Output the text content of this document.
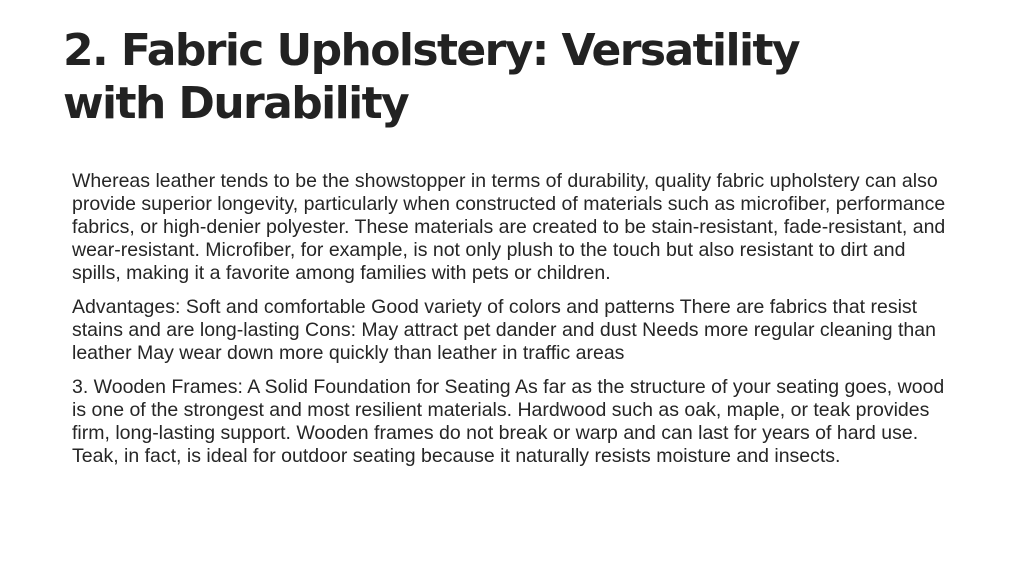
2. Fabric Upholstery: Versatility
with Durability

Whereas leather tends to be the showstopper in terms of durability, quality fabric upholstery can also provide superior longevity, particularly when constructed of materials such as microfiber, performance fabrics, or high-denier polyester. These materials are created to be stain-resistant, fade-resistant, and wear-resistant. Microfiber, for example, is not only plush to the touch but also resistant to dirt and spills, making it a favorite among families with pets or children.

Advantages: Soft and comfortable Good variety of colors and patterns There are fabrics that resist stains and are long-lasting Cons: May attract pet dander and dust Needs more regular cleaning than leather May wear down more quickly than leather in traffic areas

3. Wooden Frames: A Solid Foundation for Seating As far as the structure of your seating goes, wood is one of the strongest and most resilient materials. Hardwood such as oak, maple, or teak provides firm, long-lasting support. Wooden frames do not break or warp and can last for years of hard use. Teak, in fact, is ideal for outdoor seating because it naturally resists moisture and insects.
